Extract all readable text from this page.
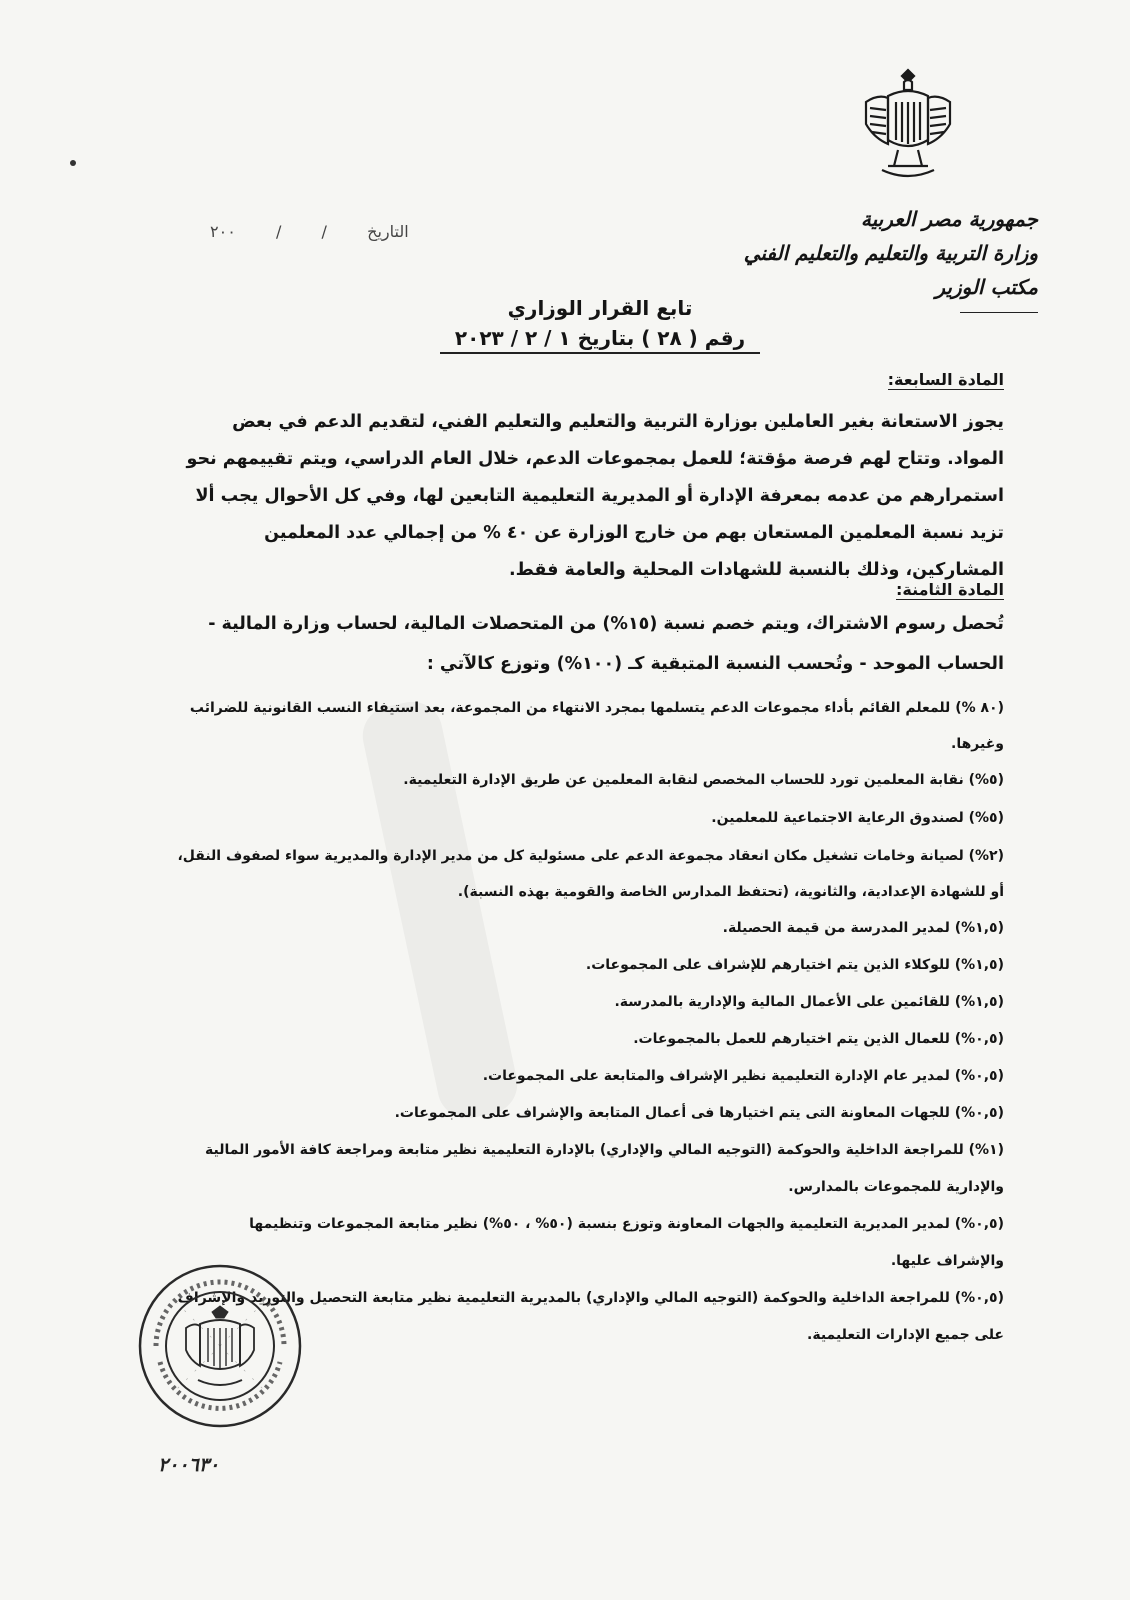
جمهورية مصر العربية
وزارة التربية والتعليم والتعليم الفني
مكتب الوزير
التاريخ  /  /  ٢٠٠
تابع القرار الوزاري
رقم ( ٢٨ ) بتاريخ ١ / ٢ / ٢٠٢٣
المادة السابعة:

يجوز الاستعانة بغير العاملين بوزارة التربية والتعليم والتعليم الفني، لتقديم الدعم في بعض

المواد. وتتاح لهم فرصة مؤقتة؛ للعمل بمجموعات الدعم، خلال العام الدراسي، ويتم تقييمهم نحو

استمرارهم من عدمه بمعرفة الإدارة أو المديرية التعليمية التابعين لها، وفي كل الأحوال يجب ألا

تزيد نسبة المعلمين المستعان بهم من خارج الوزارة عن ٤٠ % من إجمالي عدد المعلمين

المشاركين، وذلك بالنسبة للشهادات المحلية والعامة فقط.

المادة الثامنة:

تُحصل رسوم الاشتراك، ويتم خصم نسبة (١٥%) من المتحصلات المالية، لحساب وزارة المالية -

الحساب الموحد - وتُحسب النسبة المتبقية كـ (١٠٠%) وتوزع كالآتي :

(٨٠ %) للمعلم القائم بأداء مجموعات الدعم يتسلمها بمجرد الانتهاء من المجموعة، بعد استيفاء النسب القانونية للضرائب وغيرها.

(٥%) نقابة المعلمين تورد للحساب المخصص لنقابة المعلمين عن طريق الإدارة التعليمية.

(٥%) لصندوق الرعاية الاجتماعية للمعلمين.

(٢%) لصيانة وخامات تشغيل مكان انعقاد مجموعة الدعم على مسئولية كل من مدير الإدارة والمديرية سواء لصفوف النقل،
أو للشهادة الإعدادية، والثانوية، (تحتفظ المدارس الخاصة والقومية بهذه النسبة).

(١,٥%) لمدير المدرسة من قيمة الحصيلة.

(١,٥%) للوكلاء الذين يتم اختيارهم للإشراف على المجموعات.

(١,٥%) للقائمين على الأعمال المالية والإدارية بالمدرسة.

(٠,٥%) للعمال الذين يتم اختيارهم للعمل بالمجموعات.

(٠,٥%) لمدير عام الإدارة التعليمية نظير الإشراف والمتابعة على المجموعات.

(٠,٥%) للجهات المعاونة التى يتم اختيارها فى أعمال المتابعة والإشراف على المجموعات.

(١%) للمراجعة الداخلية والحوكمة (التوجيه المالي والإداري) بالإدارة التعليمية نظير متابعة ومراجعة كافة الأمور المالية
والإدارية للمجموعات بالمدارس.

(٠,٥%) لمدير المديرية التعليمية والجهات المعاونة وتوزع بنسبة (٥٠% ، ٥٠%) نظير متابعة المجموعات وتنظيمها
والإشراف عليها.

(٠,٥%) للمراجعة الداخلية والحوكمة (التوجيه المالي والإداري) بالمديرية التعليمية نظير متابعة التحصيل والتوريد والإشراف
على جميع الإدارات التعليمية.

٢٠٠٦٣٠
